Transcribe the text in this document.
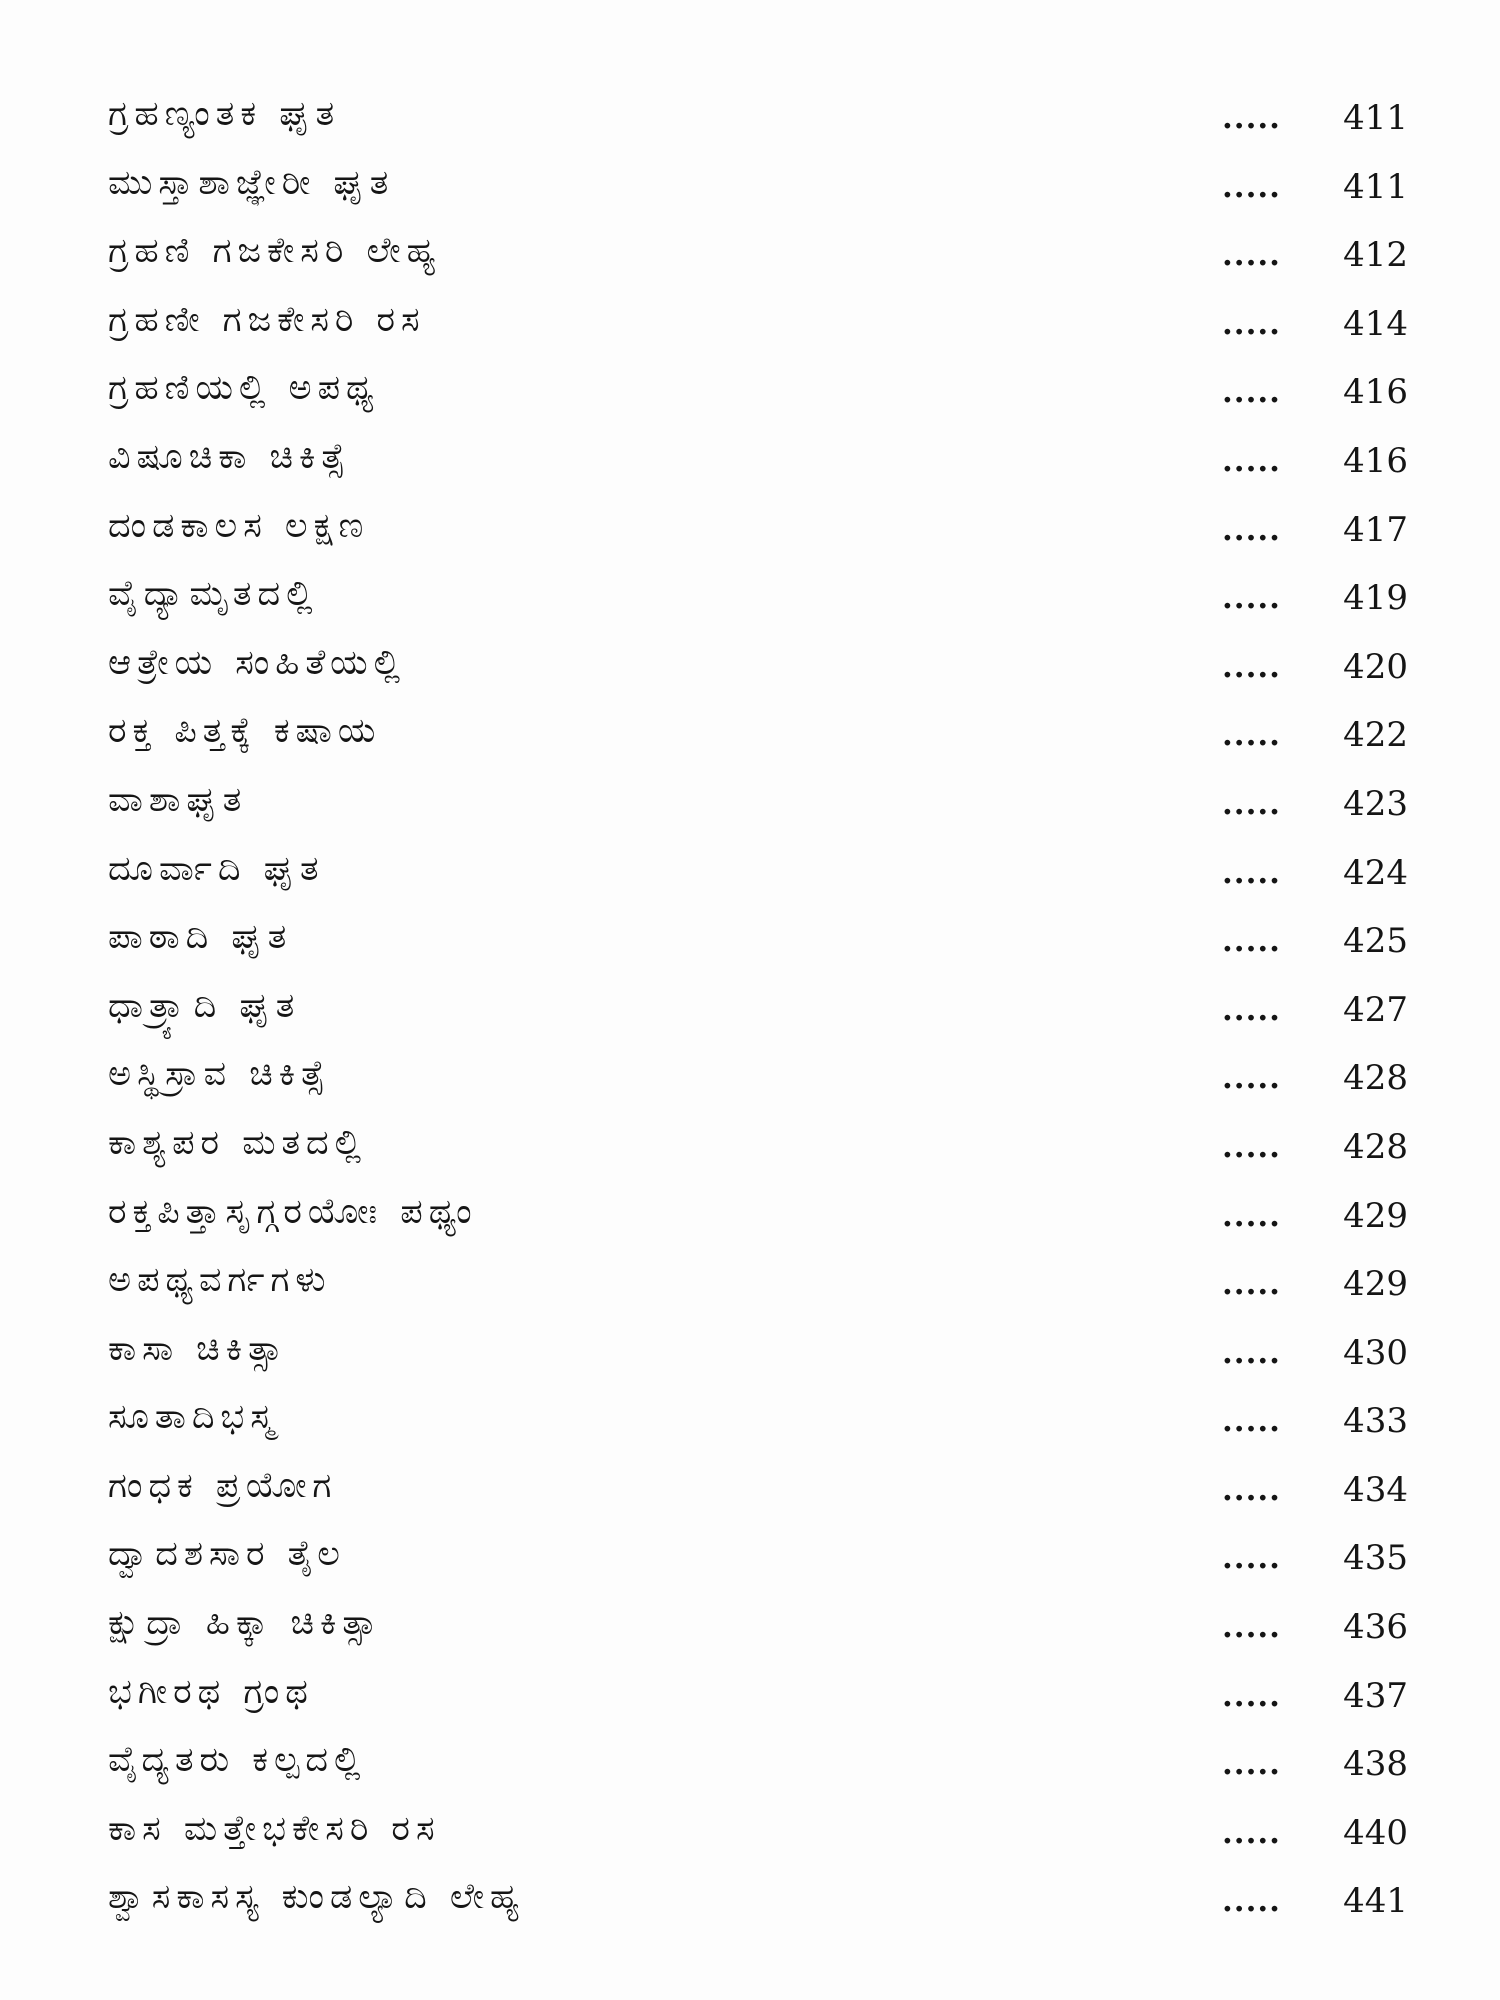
ಗ್ರಹಣ್ಯಂತಕ ಘೃತ	.....	411
ಮುಸ್ತಾಶಾಜ್ಞೇರೀ ಘೃತ	.....	411
ಗ್ರಹಣಿ ಗಜಕೇಸರಿ ಲೇಹ್ಯ	.....	412
ಗ್ರಹಣೀ ಗಜಕೇಸರಿ ರಸ	.....	414
ಗ್ರಹಣಿಯಲ್ಲಿ ಅಪಥ್ಯ	.....	416
ವಿಷೂಚಿಕಾ ಚಿಕಿತ್ಸೆ	.....	416
ದಂಡಕಾಲಸ ಲಕ್ಷಣ	.....	417
ವೈದ್ಯಾಮೃತದಲ್ಲಿ	.....	419
ಆತ್ರೇಯ ಸಂಹಿತೆಯಲ್ಲಿ	.....	420
ರಕ್ತ ಪಿತ್ತಕ್ಕೆ ಕಷಾಯ	.....	422
ವಾಶಾಘೃತ	.....	423
ದೂರ್ವಾದಿ ಘೃತ	.....	424
ಪಾಠಾದಿ ಘೃತ	.....	425
ಧಾತ್ರ್ಯಾದಿ ಘೃತ	.....	427
ಅಸ್ಥಿಸ್ರಾವ ಚಿಕಿತ್ಸೆ	.....	428
ಕಾಶ್ಯಪರ ಮತದಲ್ಲಿ	.....	428
ರಕ್ತಪಿತ್ತಾಸೃಗ್ಗರಯೋಃ ಪಥ್ಯಂ	.....	429
ಅಪಥ್ಯವರ್ಗಗಳು	.....	429
ಕಾಸಾ ಚಿಕಿತ್ಸಾ	.....	430
ಸೂತಾದಿಭಸ್ಮ	.....	433
ಗಂಧಕ ಪ್ರಯೋಗ	.....	434
ದ್ವಾದಶಸಾರ ತೈಲ	.....	435
ಕ್ಷುದ್ರಾ ಹಿಕ್ಕಾ ಚಿಕಿತ್ಸಾ	.....	436
ಭಗೀರಥ ಗ್ರಂಥ	.....	437
ವೈದ್ಯತರು ಕಲ್ಪದಲ್ಲಿ	.....	438
ಕಾಸ ಮತ್ತೇಭಕೇಸರಿ ರಸ	.....	440
ಶ್ವಾಸಕಾಸಸ್ಯ ಕುಂಡಲ್ಯಾದಿ ಲೇಹ್ಯ	.....	441
